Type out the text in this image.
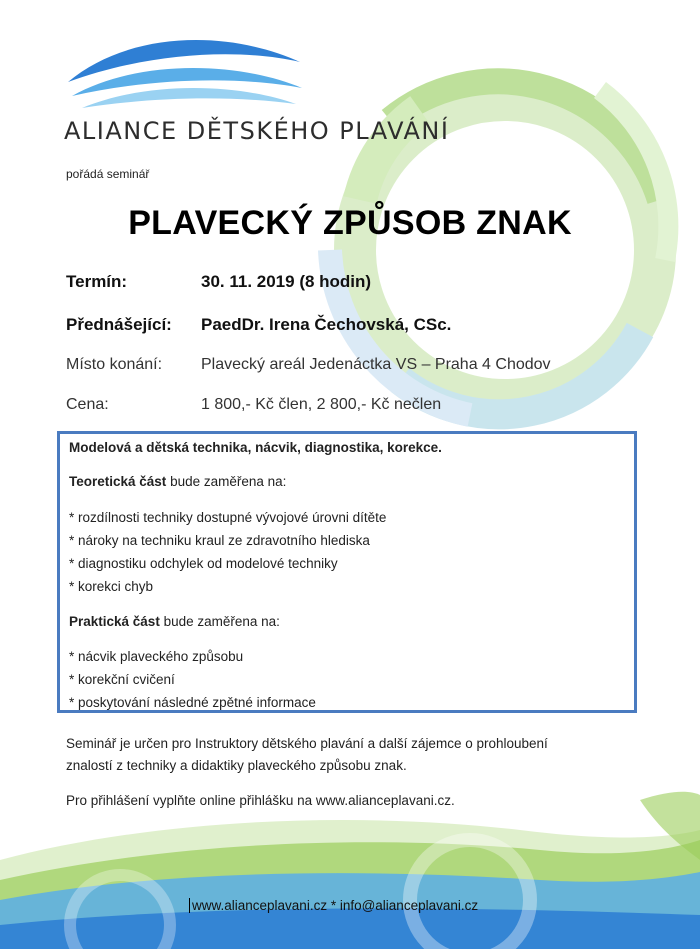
ALIANCE DĚTSKÉHO PLAVÁNÍ
pořádá seminář
PLAVECKÝ ZPŮSOB ZNAK
Termín:	30. 11. 2019 (8 hodin)
Přednášející: PaedDr. Irena Čechovská, CSc.
Místo konání: Plavecký areál Jedenáctka VS – Praha 4 Chodov
Cena:	1 800,- Kč člen, 2 800,- Kč nečlen

Modelová a dětská technika, nácvik, diagnostika, korekce.

Teoretická část bude zaměřena na:

* rozdílnosti techniky dostupné vývojové úrovni dítěte

* nároky na techniku kraul ze zdravotního hlediska

* diagnostiku odchylek od modelové techniky

* korekci chyb

Praktická část bude zaměřena na:

* nácvik plaveckého způsobu

* korekční cvičení

* poskytování následné zpětné informace

Seminář je určen pro Instruktory dětského plavání a další zájemce o prohloubení
znalostí z techniky a didaktiky plaveckého způsobu znak.
Pro přihlášení vyplňte online přihlášku na www.alianceplavani.cz.
www.alianceplavani.cz * info@alianceplavani.cz
